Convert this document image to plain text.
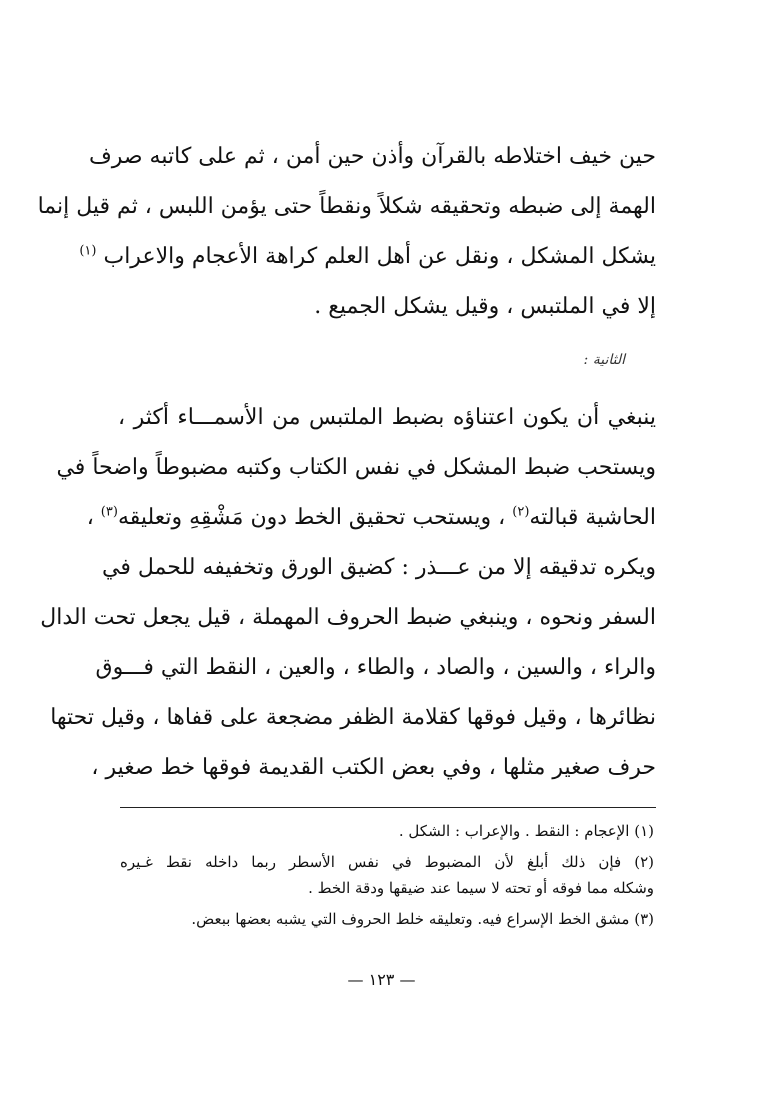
حين خيف اختلاطه بالقرآن وأذن حين أمن ، ثم على كاتبه صرف
الهمة إلى ضبطه وتحقيقه شكلاً ونقطاً حتى يؤمن اللبس ، ثم قيل إنما
يشكل المشكل ، ونقل عن أهل العلم كراهة الأعجام والاعراب $^{(١)}$
إلا في الملتبس ، وقيل يشكل الجميع .
الثانية :
ينبغي أن يكون اعتناؤه بضبط الملتبس من الأسمـــاء أكثر ،
ويستحب ضبط المشكل في نفس الكتاب وكتبه مضبوطاً واضحاً في
الحاشية قبالته$^{(٢)}$ ، ويستحب تحقيق الخط دون مَشْقِهِ وتعليقه$^{(٣)}$ ،
ويكره تدقيقه إلا من عـــذر : كضيق الورق وتخفيفه للحمل في
السفر ونحوه ، وينبغي ضبط الحروف المهملة ، قيل يجعل تحت الدال
والراء ، والسين ، والصاد ، والطاء ، والعين ، النقط التي فـــوق
نظائرها ، وقيل فوقها كقلامة الظفر مضجعة على قفاها ، وقيل تحتها
حرف صغير مثلها ، وفي بعض الكتب القديمة فوقها خط صغير ،
(١) الإعجام : النقط . والإعراب : الشكل .
(٢) فإن ذلك أبلغ لأن المضبوط في نفس الأسطر ربما داخله نقط غـيره
وشكله مما فوقه أو تحته لا سيما عند ضيقها ودقة الخط .
(٣) مشق الخط الإسراع فيه. وتعليقه خلط الحروف التي يشبه بعضها ببعض.
— ١٢٣ —
